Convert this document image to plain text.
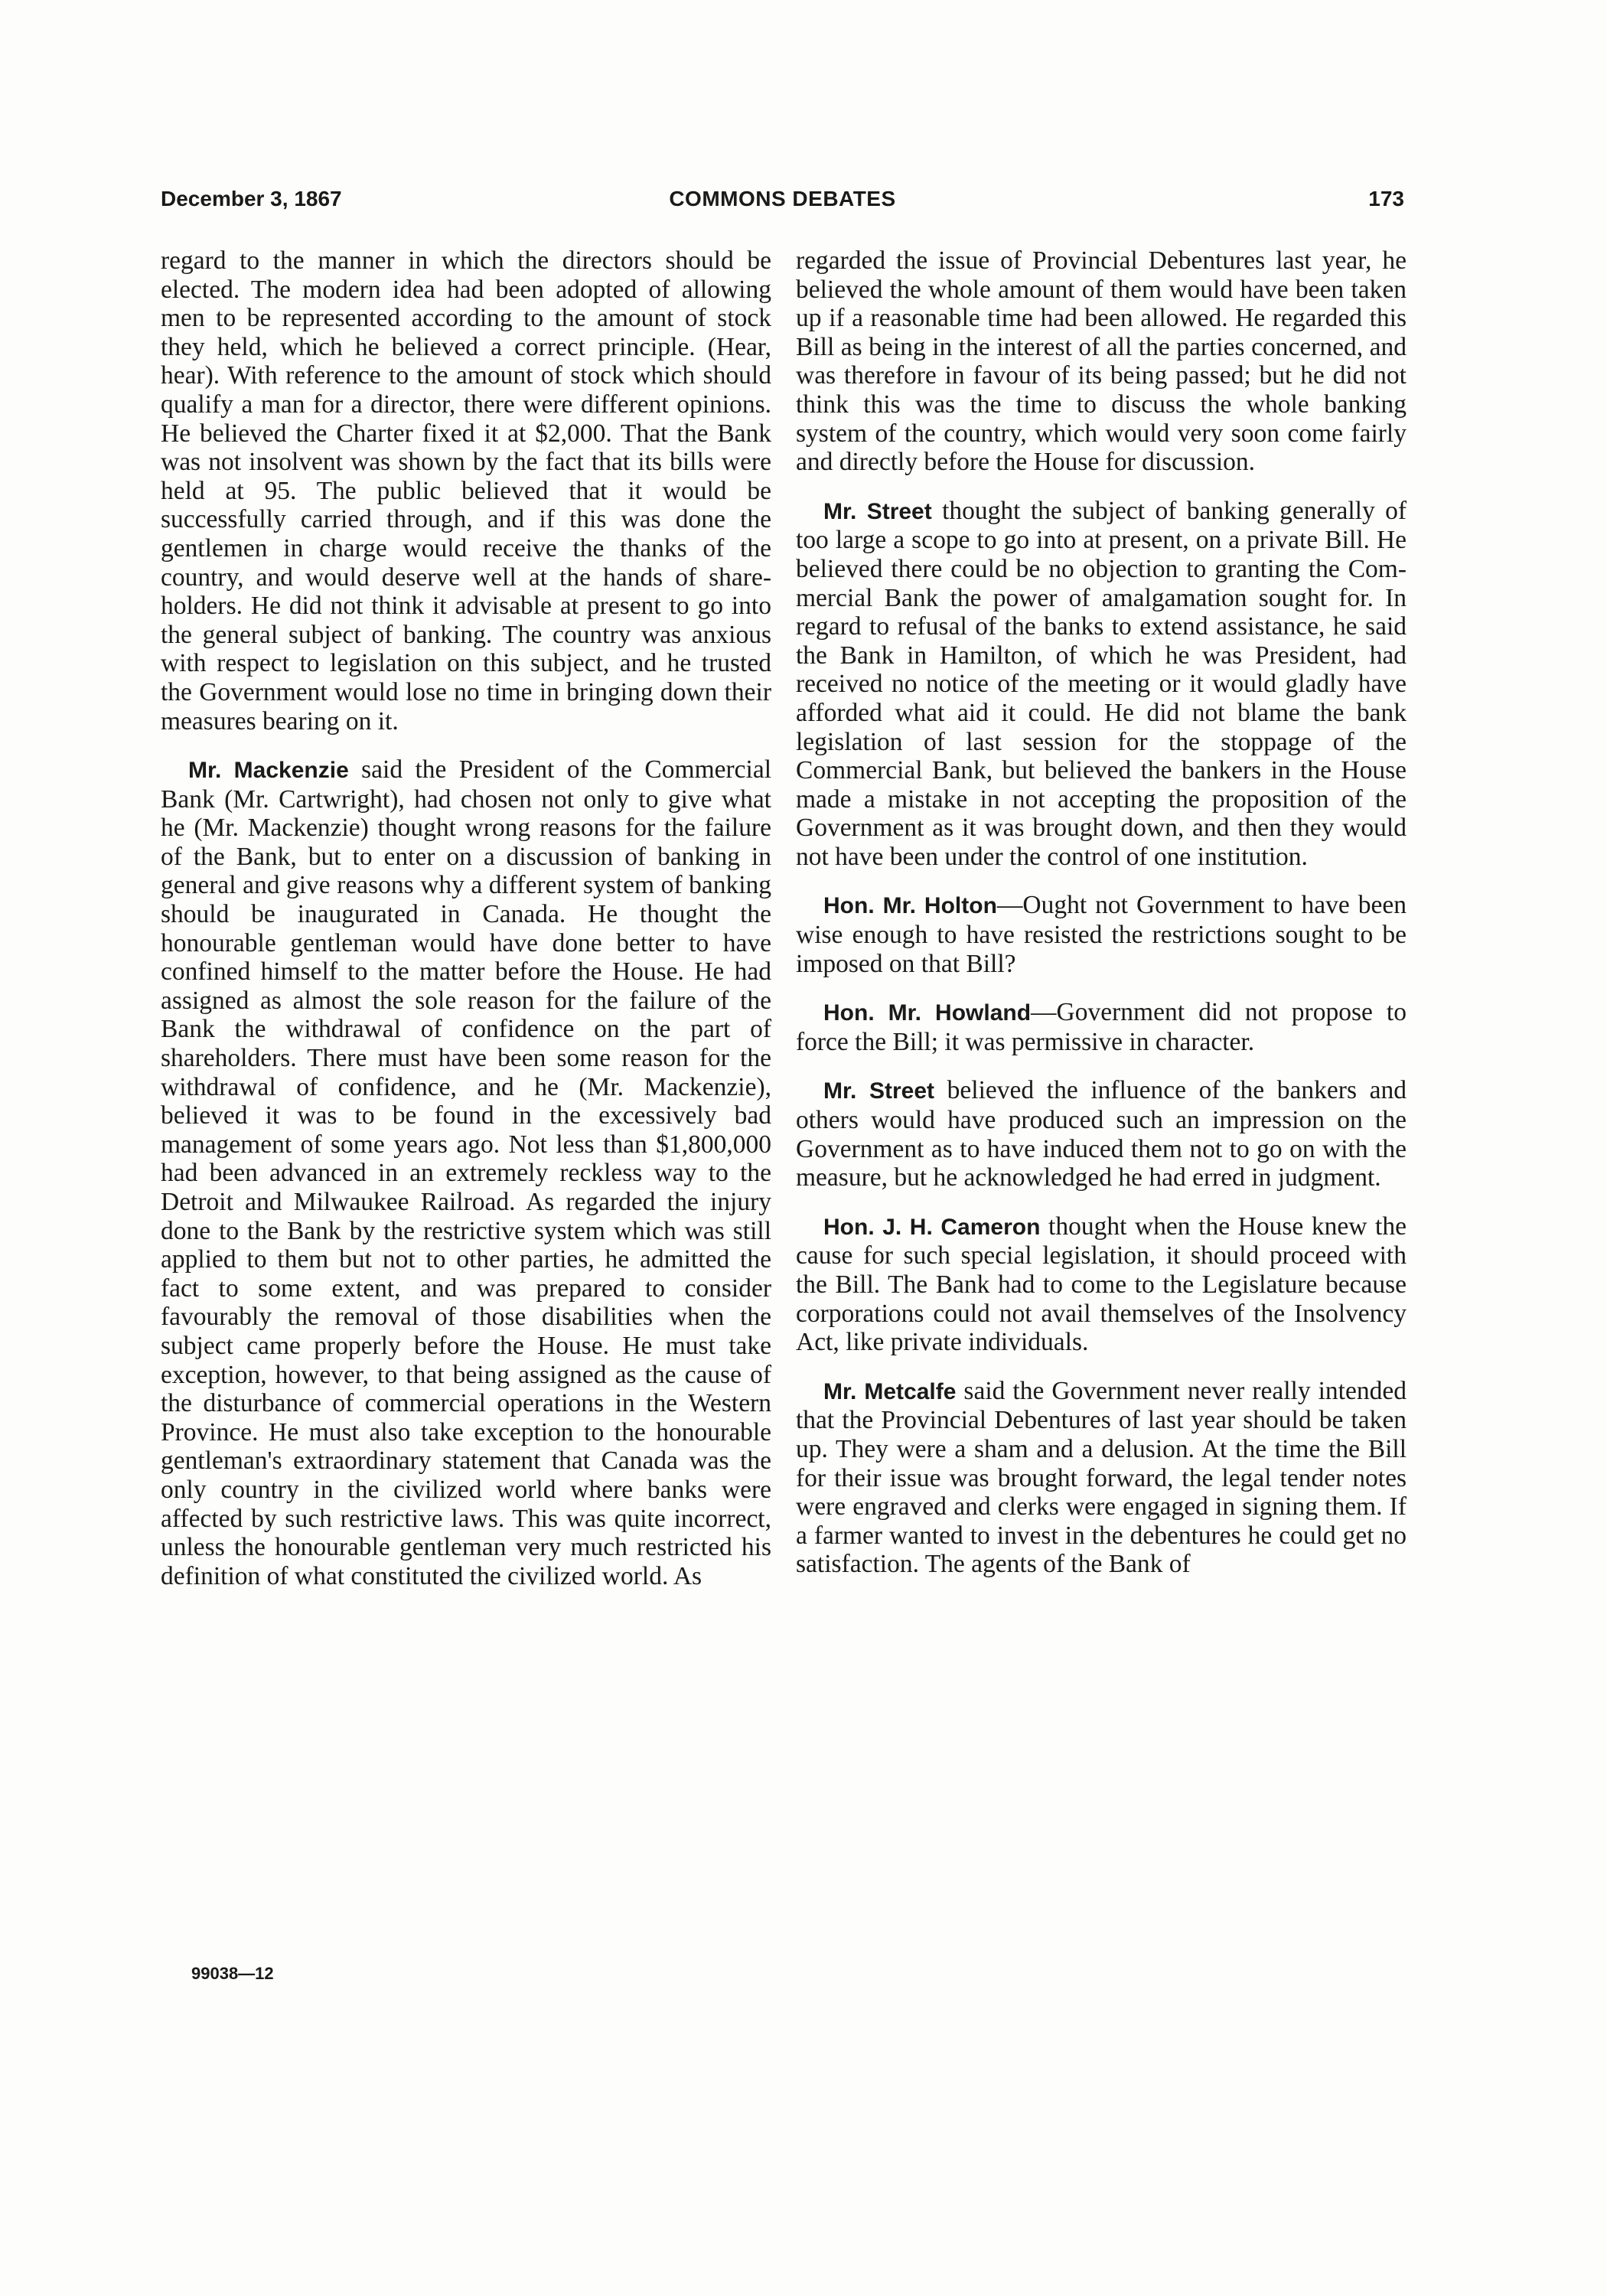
December 3, 1867	COMMONS DEBATES	173

regard to the manner in which the directors should be elected. The modern idea had been adopted of allowing men to be represented according to the amount of stock they held, which he believed a correct principle. (Hear, hear). With reference to the amount of stock which should qualify a man for a director, there were different opinions. He believed the Charter fixed it at $2,000. That the Bank was not insolvent was shown by the fact that its bills were held at 95. The public believed that it would be successfully carried through, and if this was done the gentlemen in charge would receive the thanks of the country, and would deserve well at the hands of shareholders. He did not think it advisable at present to go into the general subject of banking. The country was anxious with respect to legislation on this subject, and he trusted the Government would lose no time in bringing down their measures bearing on it.

Mr. Mackenzie said the President of the Commercial Bank (Mr. Cartwright), had chosen not only to give what he (Mr. Mackenzie) thought wrong reasons for the failure of the Bank, but to enter on a discussion of banking in general and give reasons why a different system of banking should be inaugurated in Canada. He thought the honourable gentleman would have done better to have confined himself to the matter before the House. He had assigned as almost the sole reason for the failure of the Bank the withdrawal of confidence on the part of shareholders. There must have been some reason for the withdrawal of confidence, and he (Mr. Mackenzie), believed it was to be found in the excessively bad management of some years ago. Not less than $1,800,000 had been advanced in an extremely reckless way to the Detroit and Milwaukee Railroad. As regarded the injury done to the Bank by the restrictive system which was still applied to them but not to other parties, he admitted the fact to some extent, and was prepared to consider favourably the removal of those disabilities when the subject came properly before the House. He must take exception, however, to that being assigned as the cause of the disturbance of commercial operations in the Western Province. He must also take exception to the honourable gentleman's extraordinary statement that Canada was the only country in the civilized world where banks were affected by such restrictive laws. This was quite incorrect, unless the honourable gentleman very much restricted his definition of what constituted the civilized world. As

regarded the issue of Provincial Debentures last year, he believed the whole amount of them would have been taken up if a reasonable time had been allowed. He regarded this Bill as being in the interest of all the parties concerned, and was therefore in favour of its being passed; but he did not think this was the time to discuss the whole banking system of the country, which would very soon come fairly and directly before the House for discussion.

Mr. Street thought the subject of banking generally of too large a scope to go into at present, on a private Bill. He believed there could be no objection to granting the Commercial Bank the power of amalgamation sought for. In regard to refusal of the banks to extend assistance, he said the Bank in Hamilton, of which he was President, had received no notice of the meeting or it would gladly have afforded what aid it could. He did not blame the bank legislation of last session for the stoppage of the Commercial Bank, but believed the bankers in the House made a mistake in not accepting the proposition of the Government as it was brought down, and then they would not have been under the control of one institution.

Hon. Mr. Holton—Ought not Government to have been wise enough to have resisted the restrictions sought to be imposed on that Bill?

Hon. Mr. Howland—Government did not propose to force the Bill; it was permissive in character.

Mr. Street believed the influence of the bankers and others would have produced such an impression on the Government as to have induced them not to go on with the measure, but he acknowledged he had erred in judgment.

Hon. J. H. Cameron thought when the House knew the cause for such special legislation, it should proceed with the Bill. The Bank had to come to the Legislature because corporations could not avail themselves of the Insolvency Act, like private individuals.

Mr. Metcalfe said the Government never really intended that the Provincial Debentures of last year should be taken up. They were a sham and a delusion. At the time the Bill for their issue was brought forward, the legal tender notes were engraved and clerks were engaged in signing them. If a farmer wanted to invest in the debentures he could get no satisfaction. The agents of the Bank of

99038—12
